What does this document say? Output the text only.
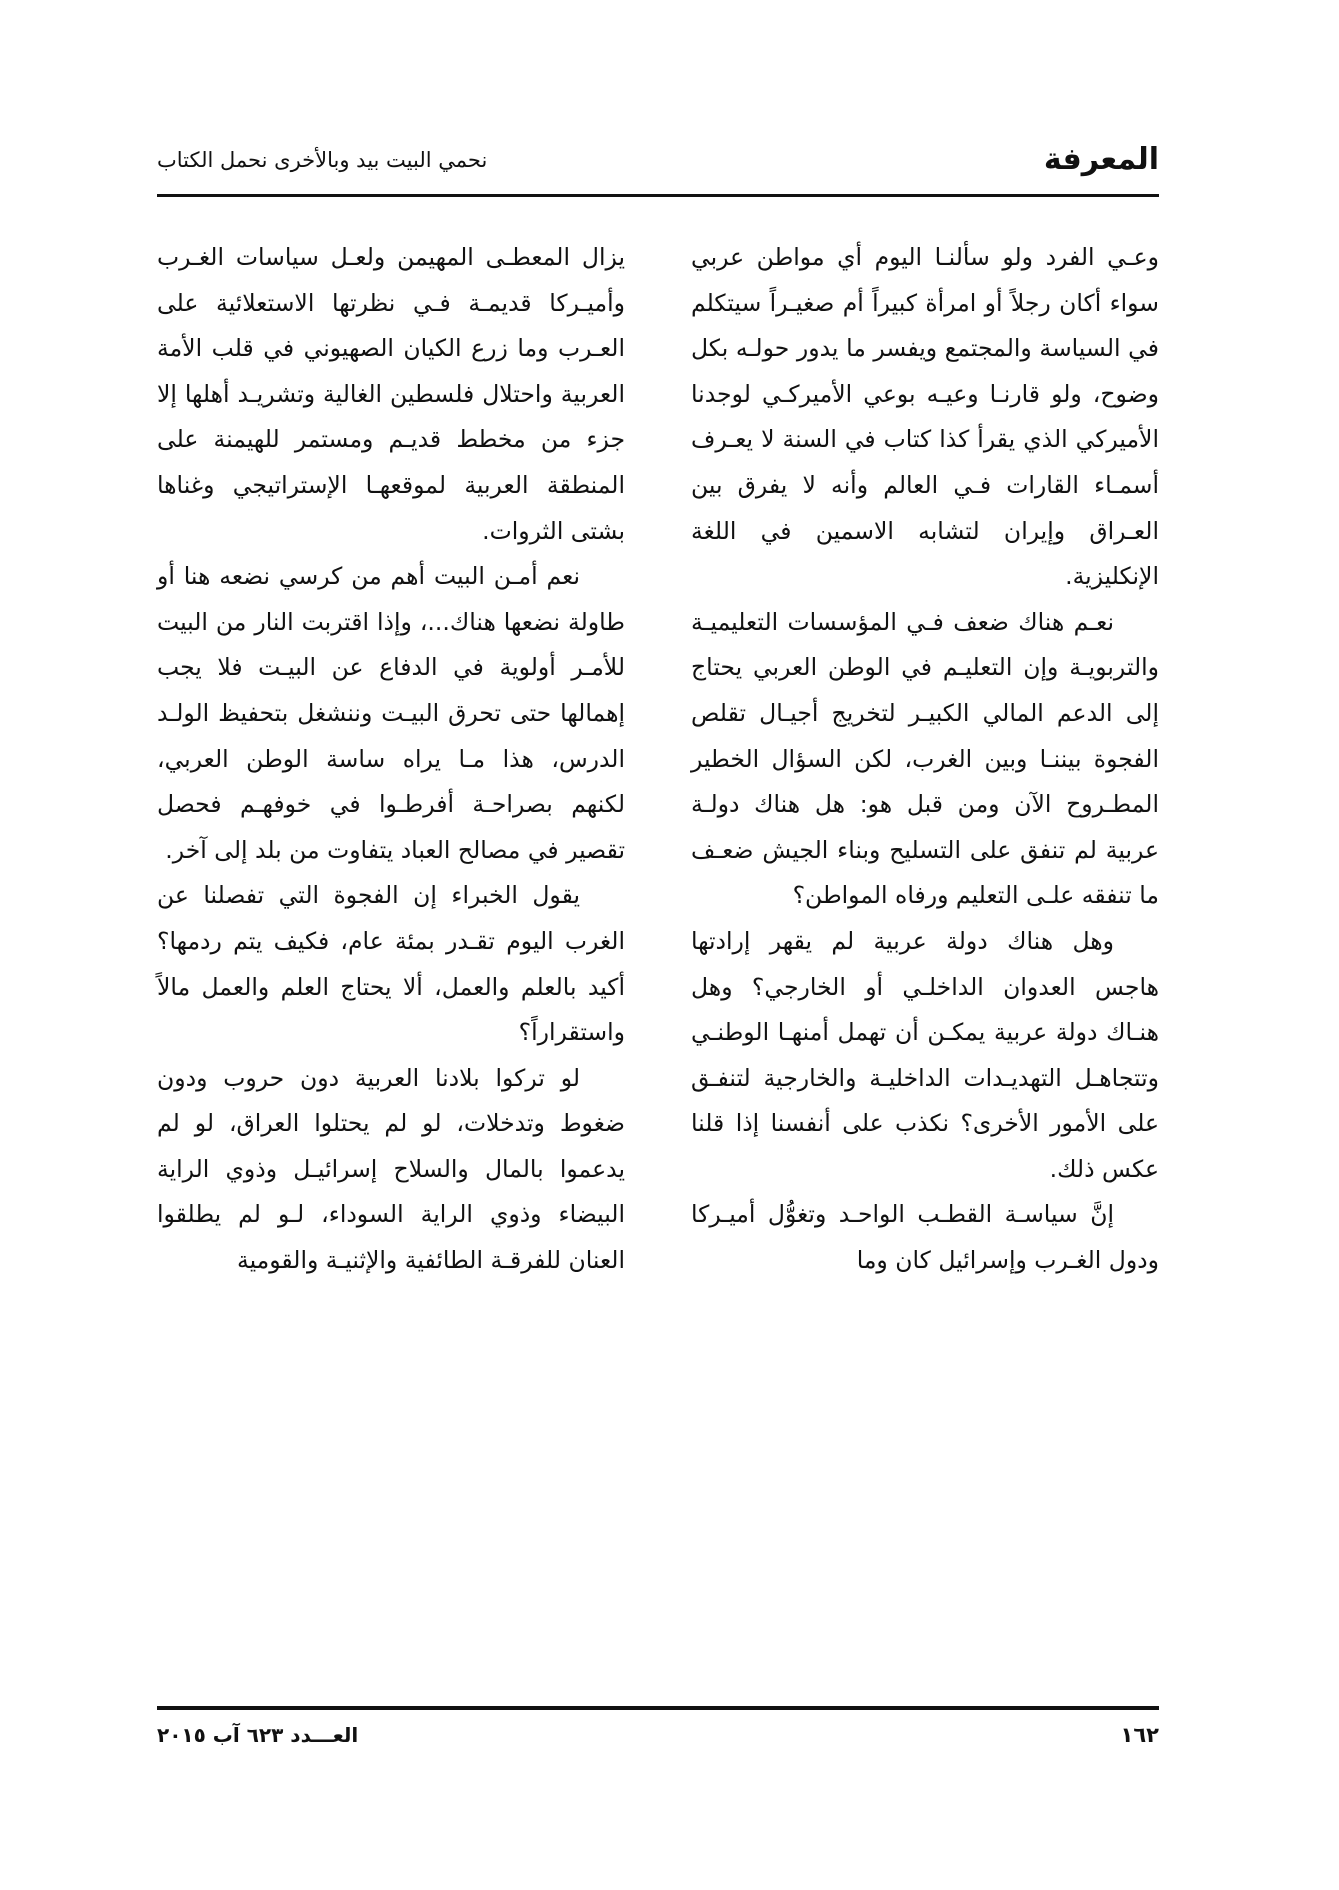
المعرفة
نحمي البيت بيد وبالأخرى نحمل الكتاب

وعـي الفرد ولو سألنـا اليوم أي مواطن عربي سواء أكان رجلاً أو امرأة كبيراً أم صغيـراً سيتكلم في السياسة والمجتمع ويفسر ما يدور حولـه بكل وضوح، ولو قارنـا وعيـه بوعي الأميركـي لوجدنا الأميركي الذي يقرأ كذا كتاب في السنة لا يعـرف أسمـاء القارات فـي العالم وأنه لا يفرق بين العـراق وإيران لتشابه الاسمين في اللغة الإنكليزية.

نعـم هناك ضعف فـي المؤسسات التعليميـة والتربويـة وإن التعليـم في الوطن العربي يحتاج إلى الدعم المالي الكبيـر لتخريج أجيـال تقلص الفجوة بيننـا وبين الغرب، لكن السؤال الخطير المطـروح الآن ومن قبل هو: هل هناك دولـة عربية لم تنفق على التسليح وبناء الجيش ضعـف ما تنفقه علـى التعليم ورفاه المواطن؟

وهل هناك دولة عربية لم يقهر إرادتها هاجس العدوان الداخلـي أو الخارجي؟ وهل هنـاك دولة عربية يمكـن أن تهمل أمنهـا الوطنـي وتتجاهـل التهديـدات الداخليـة والخارجية لتنفـق على الأمور الأخرى؟ نكذب على أنفسنا إذا قلنا عكس ذلك.

إنَّ سياسـة القطـب الواحـد وتغوُّل أميـركا ودول الغـرب وإسرائيل كان وما

يزال المعطـى المهيمن ولعـل سياسات الغـرب وأميـركا قديمـة فـي نظرتها الاستعلائية على العـرب وما زرع الكيان الصهيوني في قلب الأمة العربية واحتلال فلسطين الغالية وتشريـد أهلها إلا جزء من مخطط قديـم ومستمر للهيمنة على المنطقة العربية لموقعهـا الإستراتيجي وغناها بشتى الثروات.

نعم أمـن البيت أهم من كرسي نضعه هنا أو طاولة نضعها هناك...، وإذا اقتربت النار من البيت للأمـر أولوية في الدفاع عن البيـت فلا يجب إهمالها حتى تحرق البيـت وننشغل بتحفيظ الولـد الدرس، هذا مـا يراه ساسة الوطن العربي، لكنهم بصراحـة أفرطـوا في خوفهـم فحصل تقصير في مصالح العباد يتفاوت من بلد إلى آخر.

يقول الخبراء إن الفجوة التي تفصلنا عن الغرب اليوم تقـدر بمئة عام، فكيف يتم ردمها؟ أكيد بالعلم والعمل، ألا يحتاج العلم والعمل مالاً واستقراراً؟

لو تركوا بلادنا العربية دون حروب ودون ضغوط وتدخلات، لو لم يحتلوا العراق، لو لم يدعموا بالمال والسلاح إسرائيـل وذوي الراية البيضاء وذوي الراية السوداء، لـو لم يطلقوا العنان للفرقـة الطائفية والإثنيـة والقومية

١٦٢
العـــدد ٦٢٣ آب ٢٠١٥
